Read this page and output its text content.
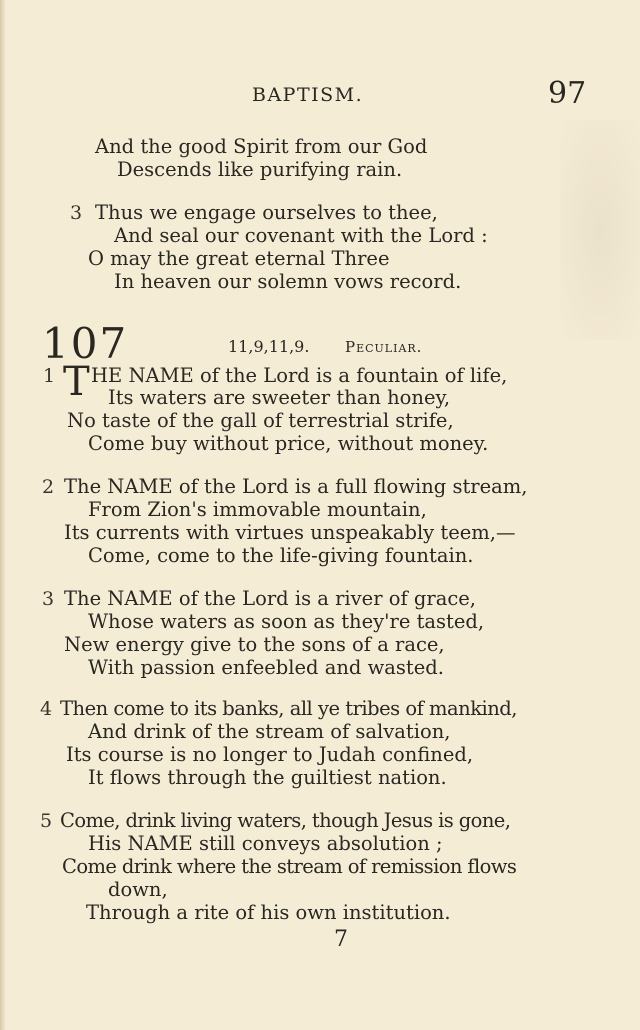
BAPTISM.	97
And the good Spirit from our God
Descends like purifying rain.
3 Thus we engage ourselves to thee,
And seal our covenant with the Lord :
O may the great eternal Three
In heaven our solemn vows record.
107	11,9,11,9. Peculiar.
1 T HE NAME of the Lord is a fountain of life,
Its waters are sweeter than honey,
No taste of the gall of terrestrial strife,
Come buy without price, without money.
2 The NAME of the Lord is a full flowing stream,
From Zion's immovable mountain,
Its currents with virtues unspeakably teem,—
Come, come to the life-giving fountain.
3 The NAME of the Lord is a river of grace,
Whose waters as soon as they're tasted,
New energy give to the sons of a race,
With passion enfeebled and wasted.
4 Then come to its banks, all ye tribes of mankind,
And drink of the stream of salvation,
Its course is no longer to Judah confined,
It flows through the guiltiest nation.
5 Come, drink living waters, though Jesus is gone,
His NAME still conveys absolution ;
Come drink where the stream of remission flows
down,
Through a rite of his own institution.
7
